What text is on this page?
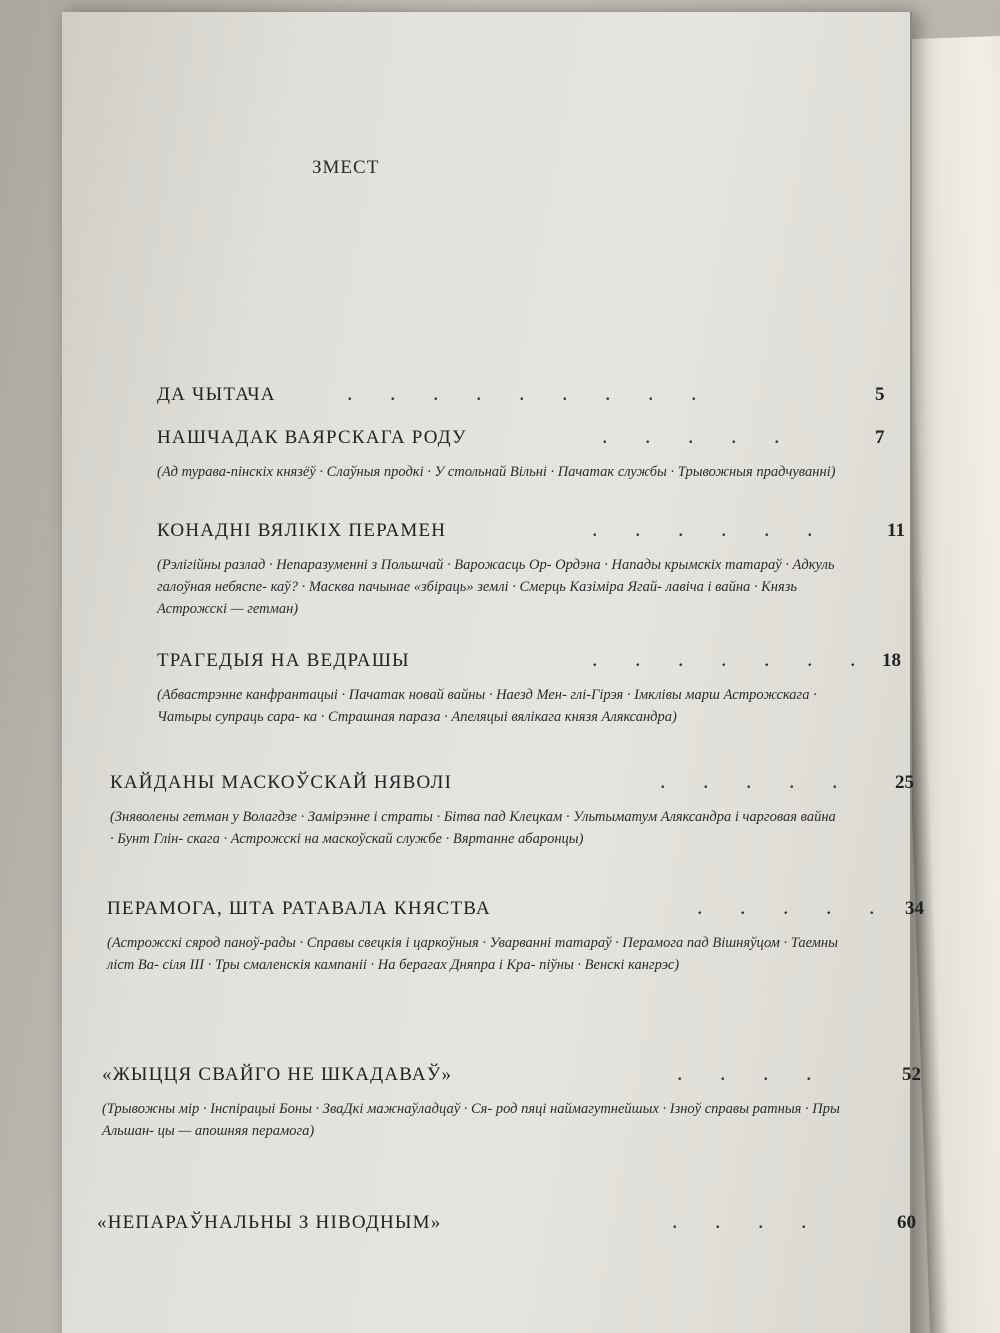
ЗМЕСТ
ДА ЧЫТАЧА	. . . . . . . . .	5
НАШЧАДАК ВАЯРСКАГА РОДУ	. . . . .	7
(Ад турава-пінскіх князёў · Слаўныя продкі · У стольнай Вільні · Пачатак службы · Трывожныя прадчуванні)
КОНАДНІ ВЯЛІКІХ ПЕРАМЕН	. . . . . .	11
(Рэлігійны разлад · Непаразуменні з Польшчай · Варожасць Ор- Ордэна · Напады крымскіх татараў · Адкуль галоўная небяспе- каў? · Масква пачынае «збіраць» землі · Смерць Казіміра Ягай- лавіча і вайна · Князь Астрожскі — гетман)
ТРАГЕДЫЯ НА ВЕДРАШЫ	. . . . . . . 18
(Абвастрэнне канфрантацыі · Пачатак новай вайны · Наезд Мен- глі-Гірэя · Імклівы марш Астрожскага · Чатыры супраць сара- ка · Страшная параза · Апеляцыі вялікага князя Аляксандра)
КАЙДАНЫ МАСКОЎСКАЙ НЯВОЛІ	. . . . . 25
(Зняволены гетман у Волагдзе · Замірэнне і страты · Бітва пад Клецкам · Ультыматум Аляксандра і чарговая вайна · Бунт Глін- скага · Астрожскі на маскоўскай службе · Вяртанне абаронцы)
ПЕРАМОГА, ШТА РАТАВАЛА КНЯСТВА	. . . . . 34
(Астрожскі сярод паноў-рады · Справы свецкія і царкоўныя · Уварванні татараў · Перамога пад Вішняўцом · Таемны ліст Ва- сіля III · Тры смаленскія кампаніі · На берагах Дняпра і Кра- піўны · Венскі кангрэс)
«ЖЫЦЦЯ СВАЙГО НЕ ШКАДАВАЎ»	. . . .	52
(Трывожны мір · Інспірацыі Боны · ЗваДкі мажнаўладцаў · Ся- род пяці наймагутнейшых · Ізноў справы ратныя · Пры Альшан- цы — апошняя перамога)
«НЕПАРАЎНАЛЬНЫ З НІВОДНЫМ»	. . . .	60
